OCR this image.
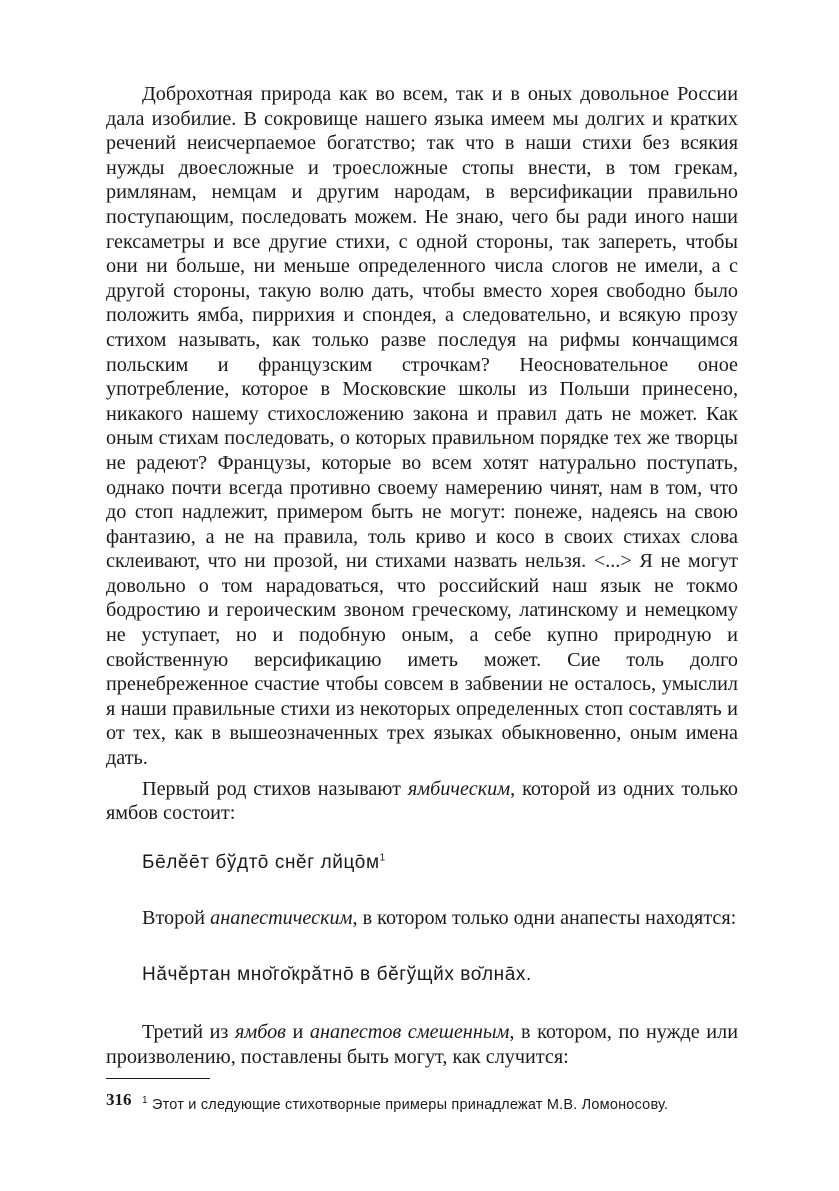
Доброхотная природа как во всем, так и в оных довольное России дала изобилие. В сокровище нашего языка имеем мы долгих и кратких речений неисчерпаемое богатство; так что в наши стихи без всякия нужды двоесложные и троесложные стопы внести, в том грекам, римлянам, немцам и другим народам, в версификации правильно поступающим, последовать можем. Не знаю, чего бы ради иного наши гексаметры и все другие стихи, с одной стороны, так запереть, чтобы они ни больше, ни меньше определенного числа слогов не имели, а с другой стороны, такую волю дать, чтобы вместо хорея свободно было положить ямба, пиррихия и спондея, а следовательно, и всякую прозу стихом называть, как только разве последуя на рифмы кончащимся польским и французским строчкам? Неосновательное оное употребление, которое в Московские школы из Польши принесено, никакого нашему стихосложению закона и правил дать не может. Как оным стихам последовать, о которых правильном порядке тех же творцы не радеют? Французы, которые во всем хотят натурально поступать, однако почти всегда противно своему намерению чинят, нам в том, что до стоп надлежит, примером быть не могут: понеже, надеясь на свою фантазию, а не на правила, толь криво и косо в своих стихах слова склеивают, что ни прозой, ни стихами назвать нельзя. <...> Я не могут довольно о том нарадоваться, что российский наш язык не токмо бодростию и героическим звоном греческому, латинскому и немецкому не уступает, но и подобную оным, а себе купно природную и свойственную версификацию иметь может. Сие толь долго пренебреженное счастие чтобы совсем в забвении не осталось, умыслил я наши правильные стихи из некоторых определенных стоп составлять и от тех, как в вышеозначенных трех языках обыкновенно, оным имена дать.

Первый род стихов называют ямбическим, которой из одних только ямбов состоит:

Бе̄лӗе̄т бўдто̄ снӗг $лйцо̄м^1$

Второй анапестическим, в котором только одни анапесты находятся:

Нӑчӗртан мно̆го̆крӑтно̄ в бӗгўщйх во̆лна̄х.

Третий из ямбов и анапестов смешенным, в котором, по нужде или произволению, поставлены быть могут, как случится:

$^1$ Этот и следующие стихотворные примеры принадлежат М.В. Ломоносову.

316
